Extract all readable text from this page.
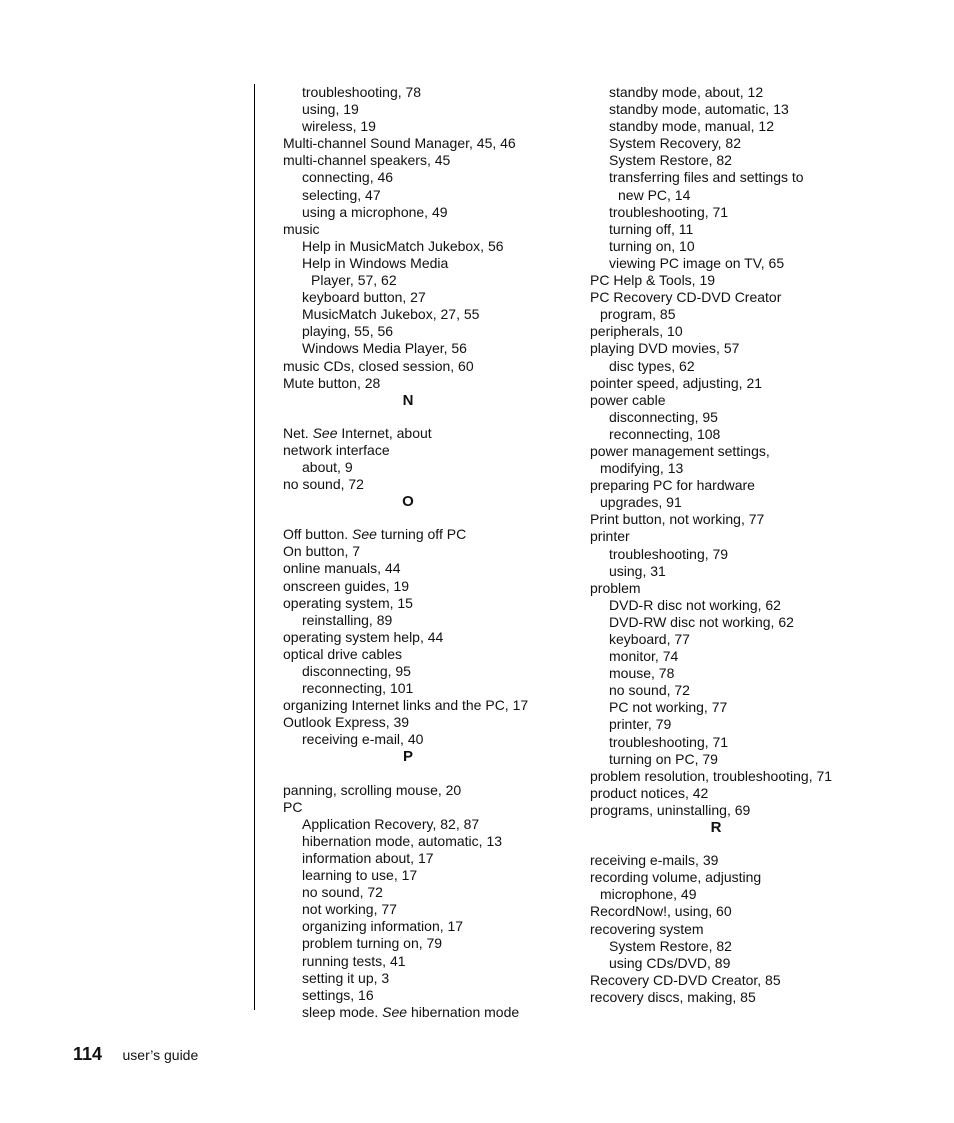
troubleshooting, 78
using, 19
wireless, 19
Multi-channel Sound Manager, 45, 46
multi-channel speakers, 45
connecting, 46
selecting, 47
using a microphone, 49
music
Help in MusicMatch Jukebox, 56
Help in Windows Media
Player, 57, 62
keyboard button, 27
MusicMatch Jukebox, 27, 55
playing, 55, 56
Windows Media Player, 56
music CDs, closed session, 60
Mute button, 28
N
Net. See Internet, about
network interface
about, 9
no sound, 72
O
Off button. See turning off PC
On button, 7
online manuals, 44
onscreen guides, 19
operating system, 15
reinstalling, 89
operating system help, 44
optical drive cables
disconnecting, 95
reconnecting, 101
organizing Internet links and the PC, 17
Outlook Express, 39
receiving e-mail, 40
P
panning, scrolling mouse, 20
PC
Application Recovery, 82, 87
hibernation mode, automatic, 13
information about, 17
learning to use, 17
no sound, 72
not working, 77
organizing information, 17
problem turning on, 79
running tests, 41
setting it up, 3
settings, 16
sleep mode. See hibernation mode
standby mode, about, 12
standby mode, automatic, 13
standby mode, manual, 12
System Recovery, 82
System Restore, 82
transferring files and settings to
new PC, 14
troubleshooting, 71
turning off, 11
turning on, 10
viewing PC image on TV, 65
PC Help & Tools, 19
PC Recovery CD-DVD Creator
program, 85
peripherals, 10
playing DVD movies, 57
disc types, 62
pointer speed, adjusting, 21
power cable
disconnecting, 95
reconnecting, 108
power management settings,
modifying, 13
preparing PC for hardware
upgrades, 91
Print button, not working, 77
printer
troubleshooting, 79
using, 31
problem
DVD-R disc not working, 62
DVD-RW disc not working, 62
keyboard, 77
monitor, 74
mouse, 78
no sound, 72
PC not working, 77
printer, 79
troubleshooting, 71
turning on PC, 79
problem resolution, troubleshooting, 71
product notices, 42
programs, uninstalling, 69
R
receiving e-mails, 39
recording volume, adjusting
microphone, 49
RecordNow!, using, 60
recovering system
System Restore, 82
using CDs/DVD, 89
Recovery CD-DVD Creator, 85
recovery discs, making, 85
114 user’s guide
